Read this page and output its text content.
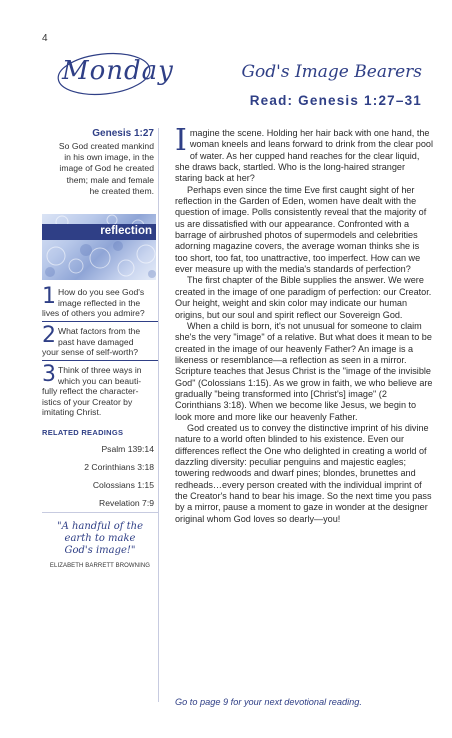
4
Monday	God's Image Bearers
Read: Genesis 1:27–31
Genesis 1:27
So God created mankind
in his own image, in the
image of God he created
them; male and female
he created them.
reflection
1 How do you see God's
image reflected in the
lives of others you admire?
2 What factors from the
past have damaged
your sense of self-worth?
3 Think of three ways in
which you can beauti-
fully reflect the character-
istics of your Creator by
imitating Christ.
RELATED READINGS
Psalm 139:14
2 Corinthians 3:18
Colossians 1:15
Revelation 7:9
"A handful of the
earth to make
God's image!"
ELIZABETH BARRETT BROWNING

Imagine the scene. Holding her hair back with one hand, the woman kneels and leans forward to drink from the clear pool of water. As her cupped hand reaches for the clear liquid, she draws back, startled. Who is the long-haired stranger staring back at her?

Perhaps even since the time Eve first caught sight of her reflection in the Garden of Eden, women have dealt with the question of image. Polls consistently reveal that the majority of us are dissatisfied with our appearance. Confronted with a barrage of airbrushed photos of supermodels and celebrities adorning magazine covers, the average woman thinks she is too short, too fat, too unattractive, too imperfect. How can we ever measure up with the media's standards of perfection?

The first chapter of the Bible supplies the answer. We were created in the image of one paradigm of perfection: our Creator. Our height, weight and skin color may indicate our human origins, but our soul and spirit reflect our Sovereign God.

When a child is born, it's not unusual for someone to claim she's the very "image" of a relative. But what does it mean to be created in the image of our heavenly Father? An image is a likeness or resemblance—a reflection as seen in a mirror. Scripture teaches that Jesus Christ is the "image of the invisible God" (Colossians 1:15). As we grow in faith, we who believe are gradually "being transformed into [Christ's] image" (2 Corinthians 3:18). When we become like Jesus, we begin to look more and more like our heavenly Father.

God created us to convey the distinctive imprint of his divine nature to a world often blinded to his existence. Even our differences reflect the One who delighted in creating a world of dazzling diversity: peculiar penguins and majestic eagles; towering redwoods and dwarf pines; blondes, brunettes and redheads…every person created with the individual imprint of the Creator's hand to bear his image. So the next time you pass by a mirror, pause a moment to gaze in wonder at the designer original whom God loves so dearly—you!

Go to page 9 for your next devotional reading.
